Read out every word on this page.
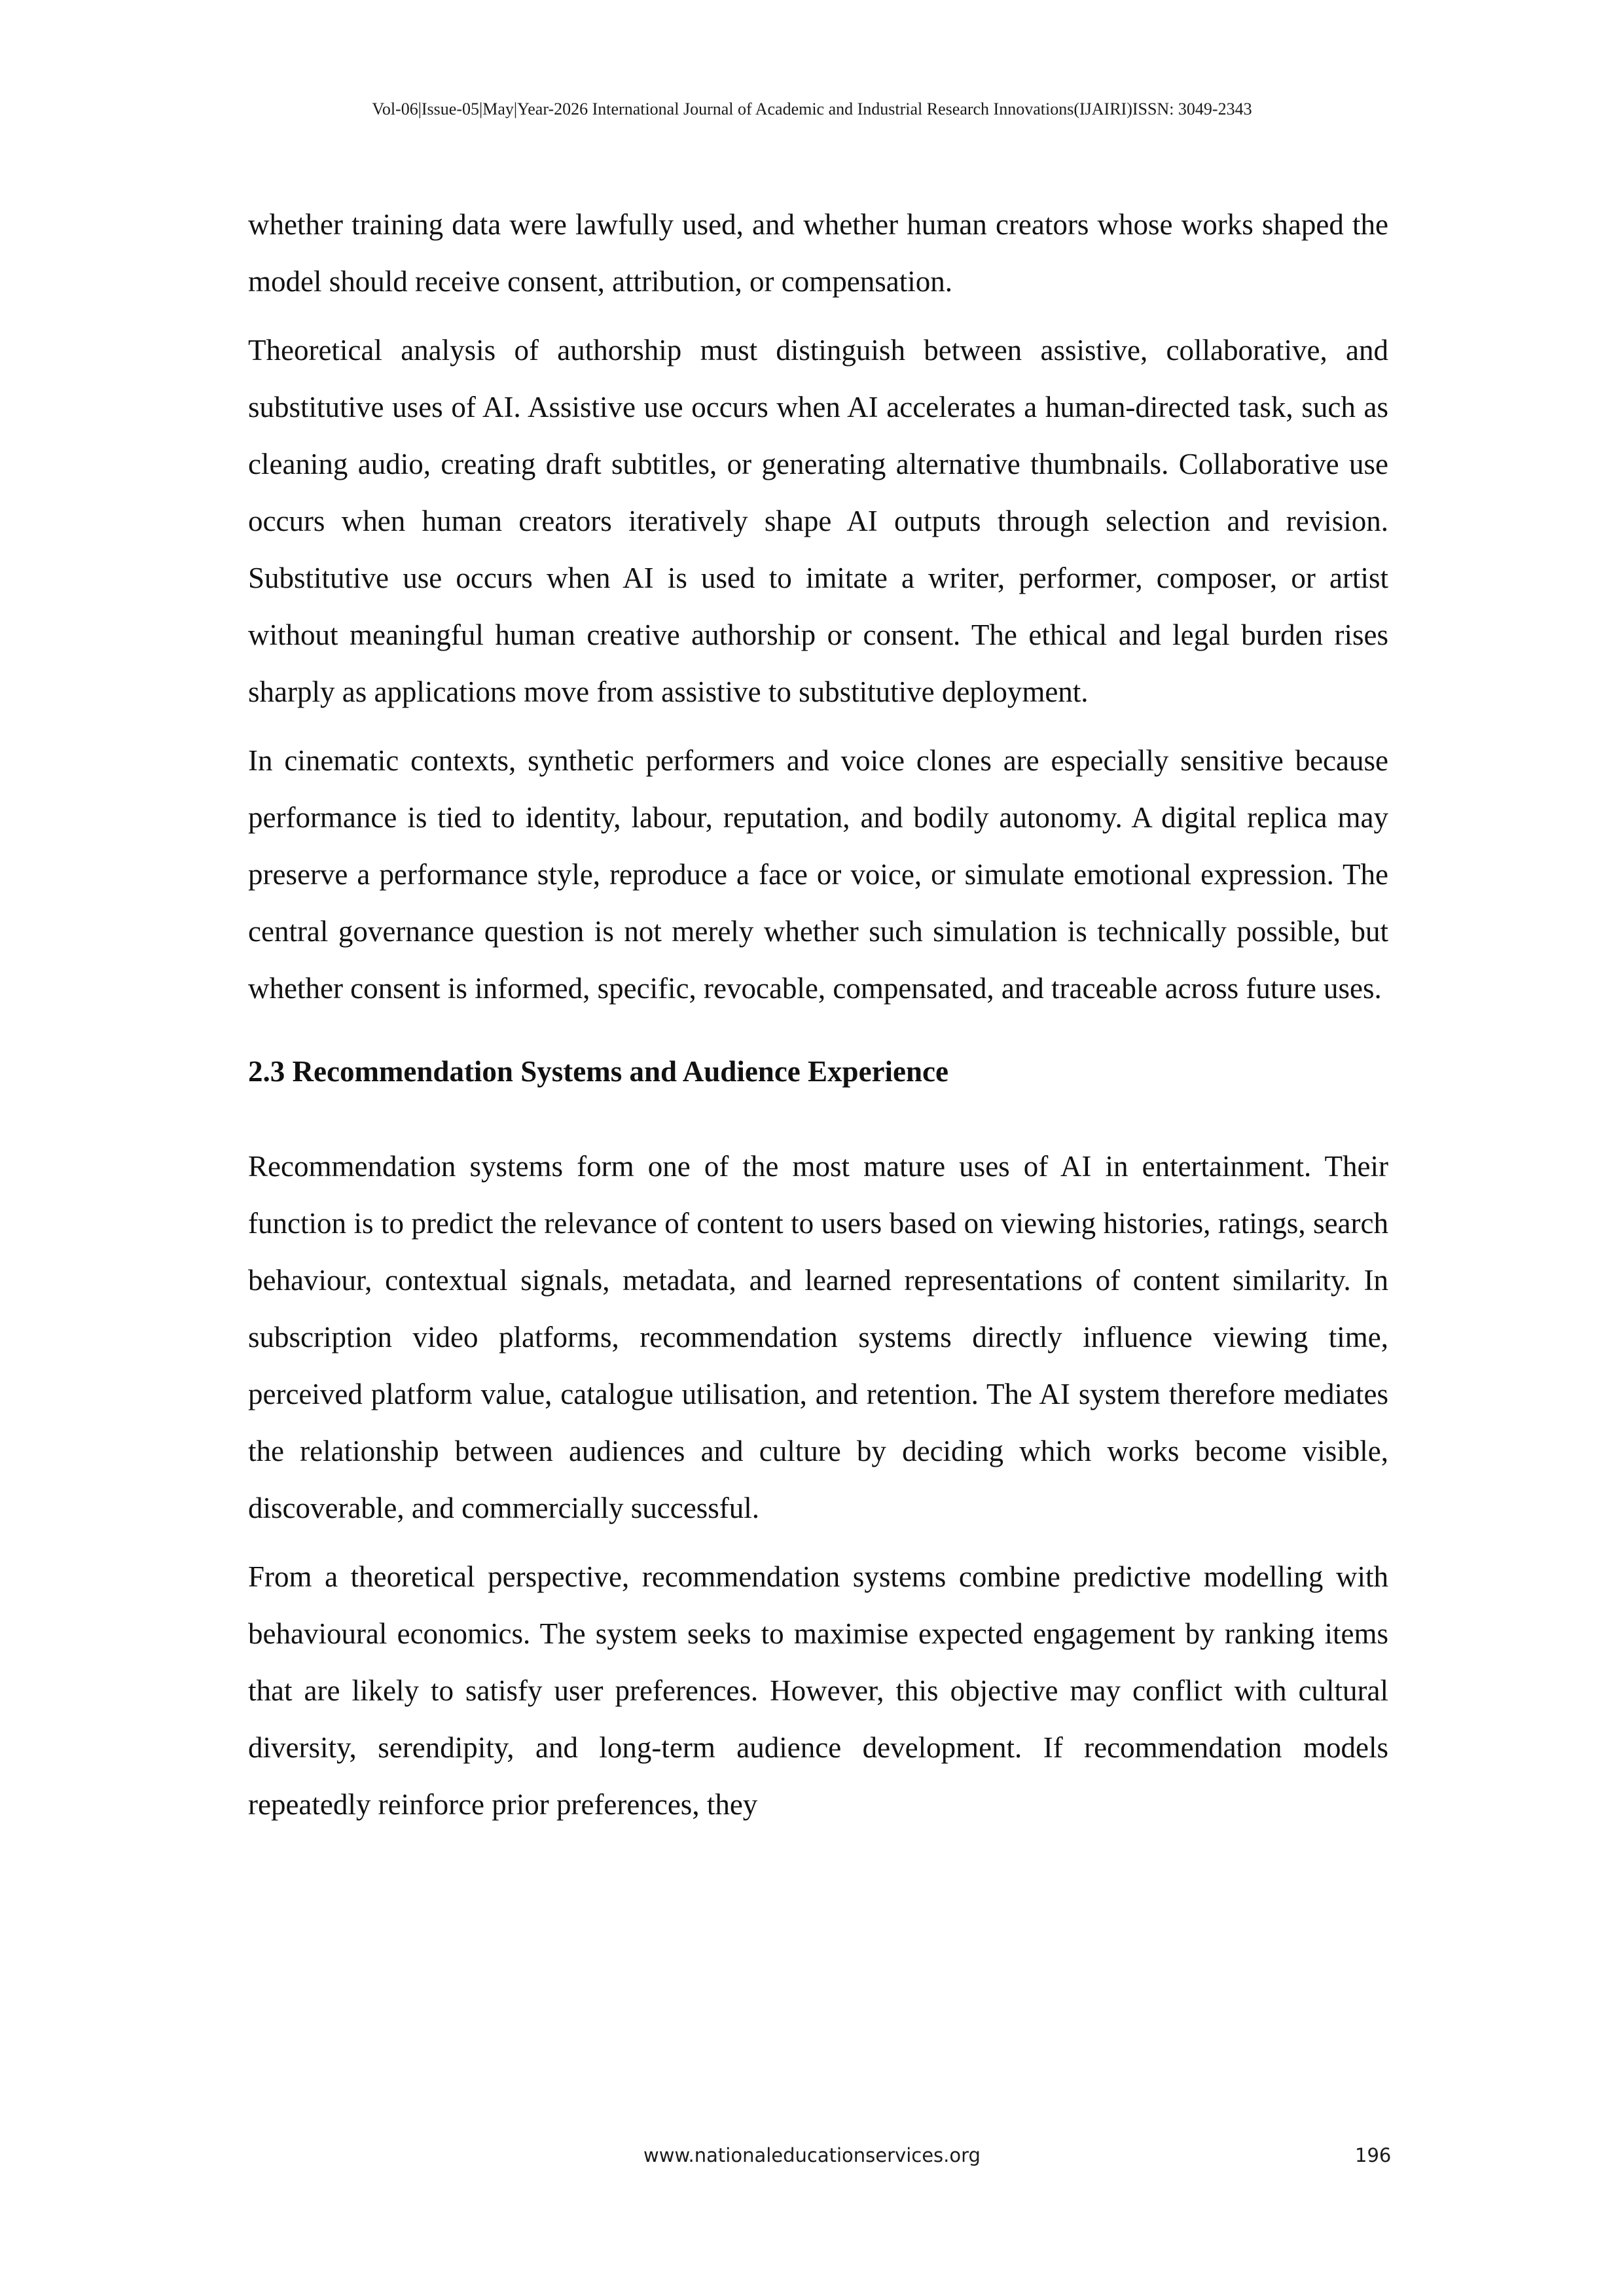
Vol-06|Issue-05|May|Year-2026 International Journal of Academic and Industrial Research Innovations(IJAIRI)ISSN: 3049-2343

whether training data were lawfully used, and whether human creators whose works shaped the model should receive consent, attribution, or compensation.

Theoretical analysis of authorship must distinguish between assistive, collaborative, and substitutive uses of AI. Assistive use occurs when AI accelerates a human-directed task, such as cleaning audio, creating draft subtitles, or generating alternative thumbnails. Collaborative use occurs when human creators iteratively shape AI outputs through selection and revision. Substitutive use occurs when AI is used to imitate a writer, performer, composer, or artist without meaningful human creative authorship or consent. The ethical and legal burden rises sharply as applications move from assistive to substitutive deployment.

In cinematic contexts, synthetic performers and voice clones are especially sensitive because performance is tied to identity, labour, reputation, and bodily autonomy. A digital replica may preserve a performance style, reproduce a face or voice, or simulate emotional expression. The central governance question is not merely whether such simulation is technically possible, but whether consent is informed, specific, revocable, compensated, and traceable across future uses.

2.3 Recommendation Systems and Audience Experience

Recommendation systems form one of the most mature uses of AI in entertainment. Their function is to predict the relevance of content to users based on viewing histories, ratings, search behaviour, contextual signals, metadata, and learned representations of content similarity. In subscription video platforms, recommendation systems directly influence viewing time, perceived platform value, catalogue utilisation, and retention. The AI system therefore mediates the relationship between audiences and culture by deciding which works become visible, discoverable, and commercially successful.

From a theoretical perspective, recommendation systems combine predictive modelling with behavioural economics. The system seeks to maximise expected engagement by ranking items that are likely to satisfy user preferences. However, this objective may conflict with cultural diversity, serendipity, and long-term audience development. If recommendation models repeatedly reinforce prior preferences, they

www.nationaleducationservices.org	196
